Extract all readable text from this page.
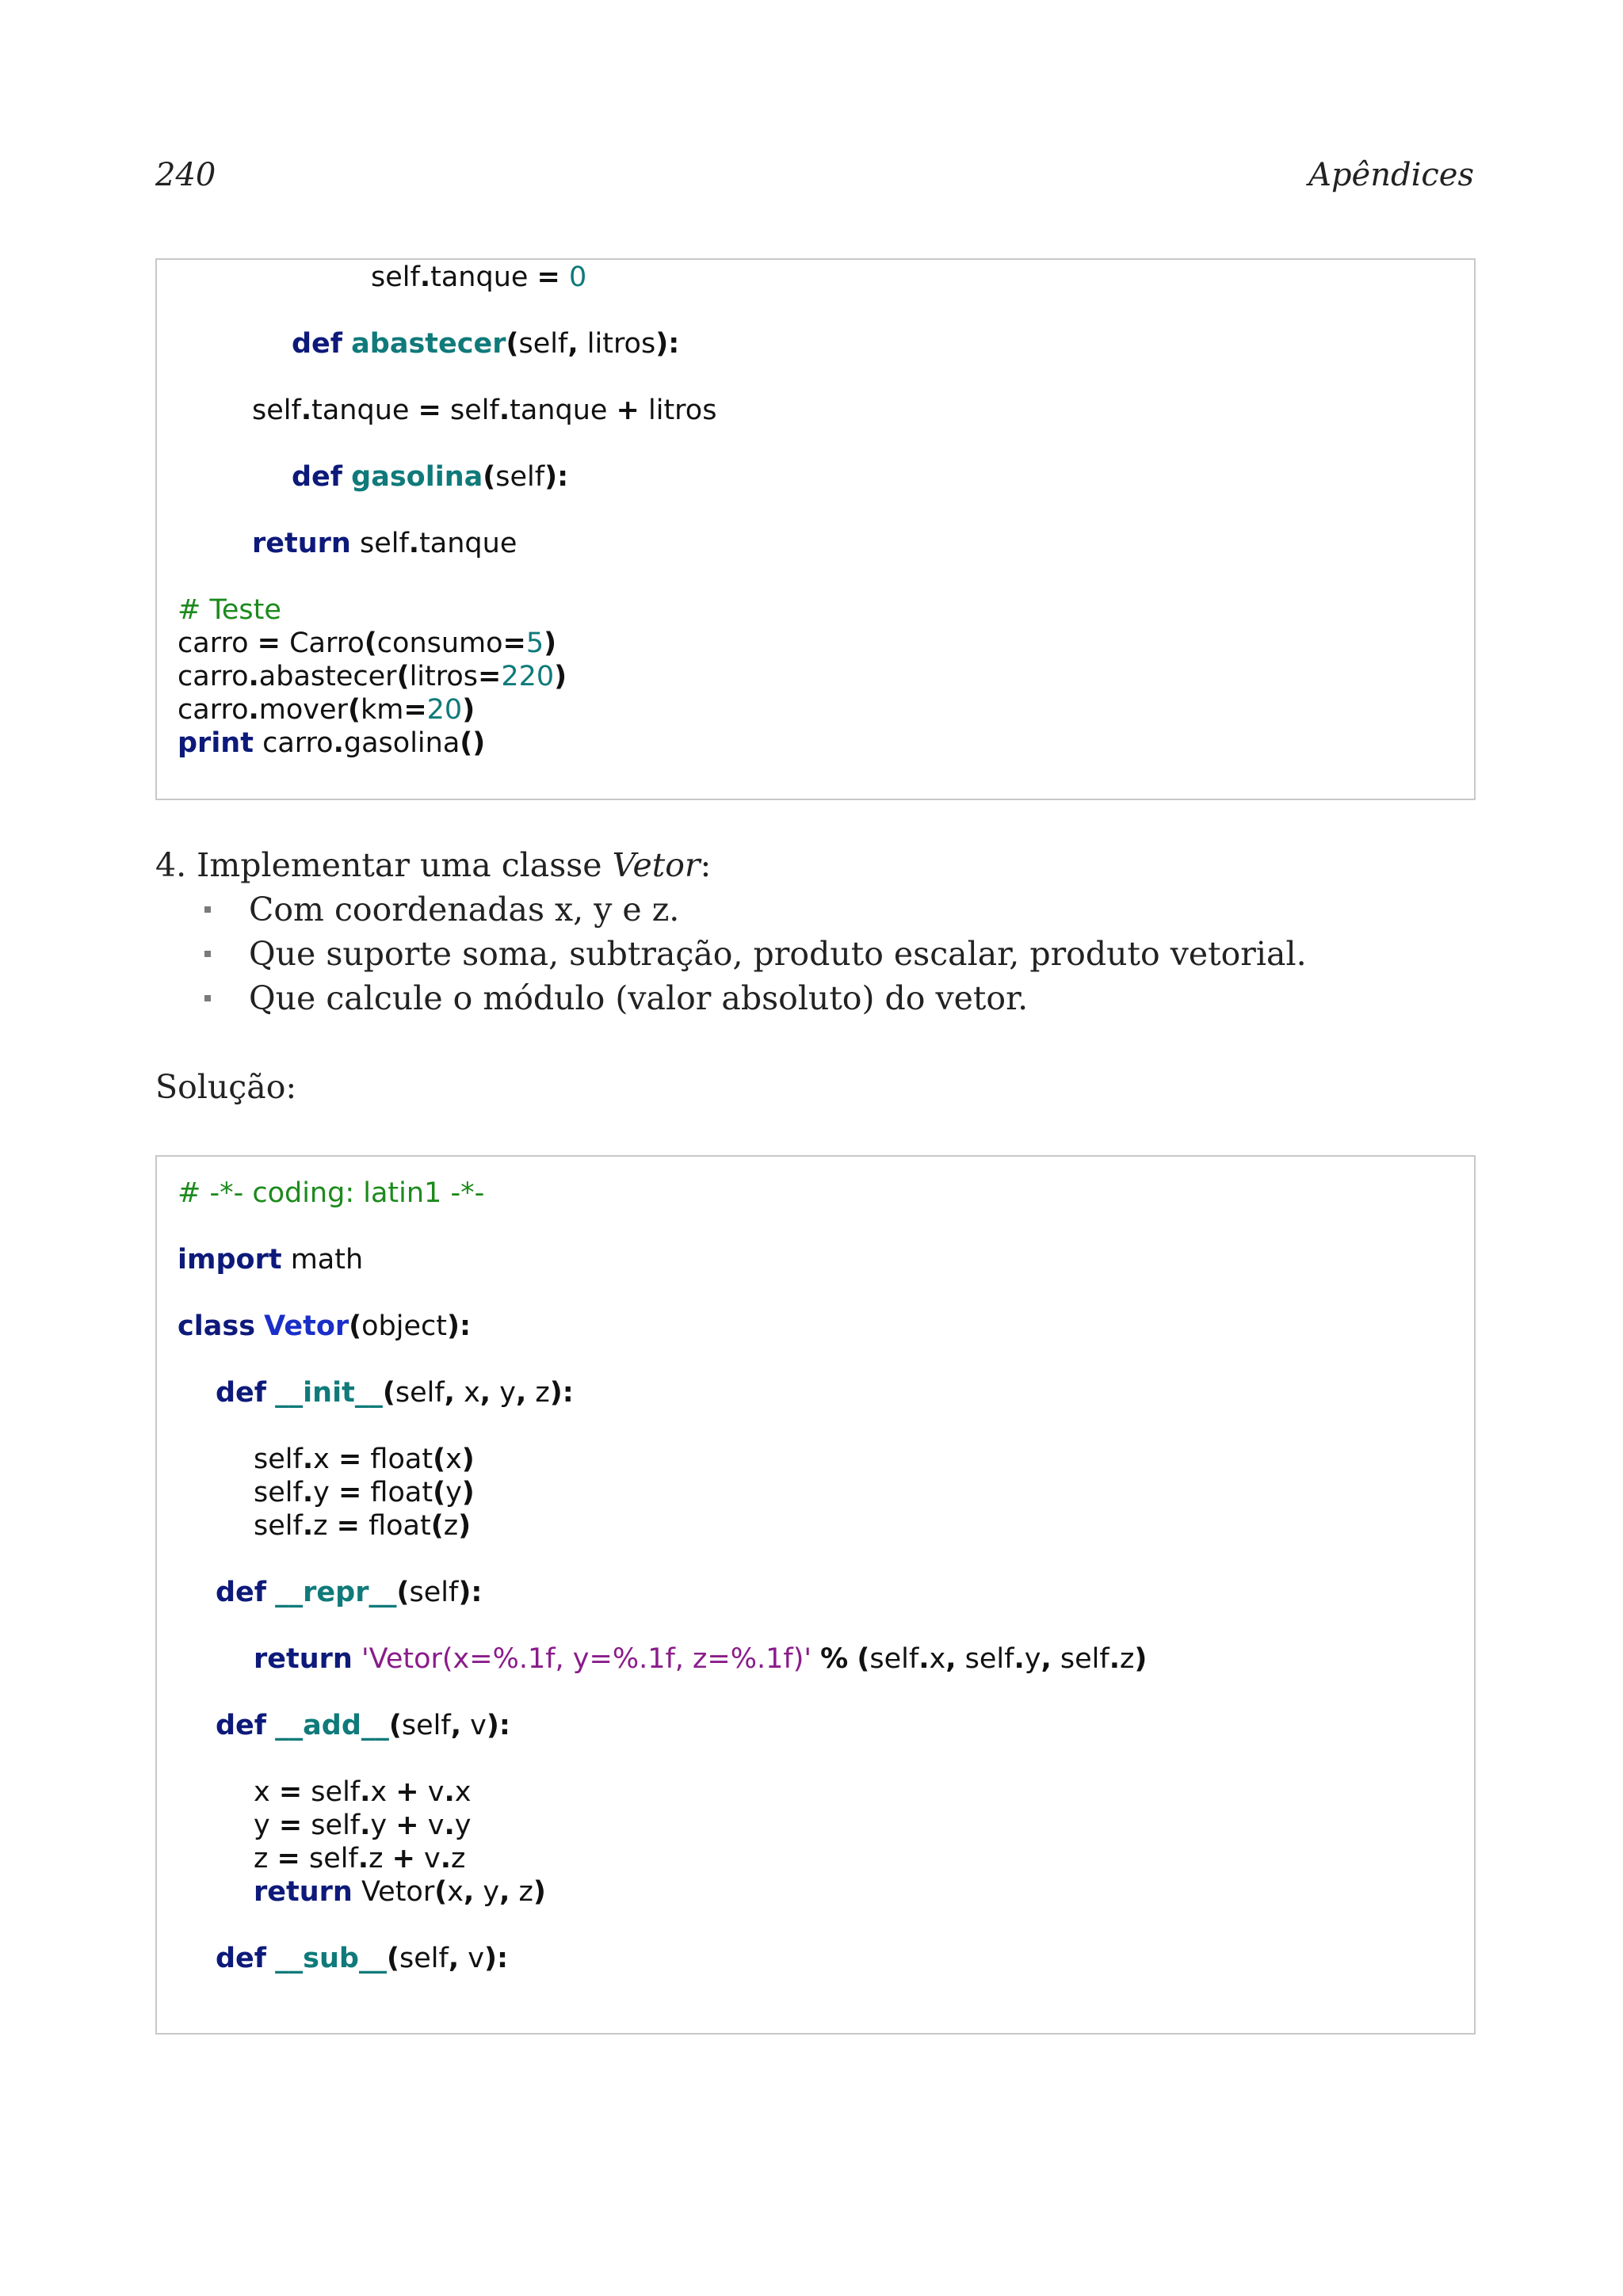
240	Apêndices
self.tanque = 0
def abastecer(self, litros):
self.tanque = self.tanque + litros
def gasolina(self):
return self.tanque
# Teste
carro = Carro(consumo=5)
carro.abastecer(litros=220)
carro.mover(km=20)
print carro.gasolina()
4. Implementar uma classe Vetor:
Com coordenadas x, y e z.
Que suporte soma, subtração, produto escalar, produto vetorial.
Que calcule o módulo (valor absoluto) do vetor.
Solução:
# -*- coding: latin1 -*-
import math
class Vetor(object):
def __init__(self, x, y, z):
self.x = float(x)
self.y = float(y)
self.z = float(z)
def __repr__(self):
return 'Vetor(x=%.1f, y=%.1f, z=%.1f)' % (self.x, self.y, self.z)
def __add__(self, v):
x = self.x + v.x
y = self.y + v.y
z = self.z + v.z
return Vetor(x, y, z)
def __sub__(self, v):
